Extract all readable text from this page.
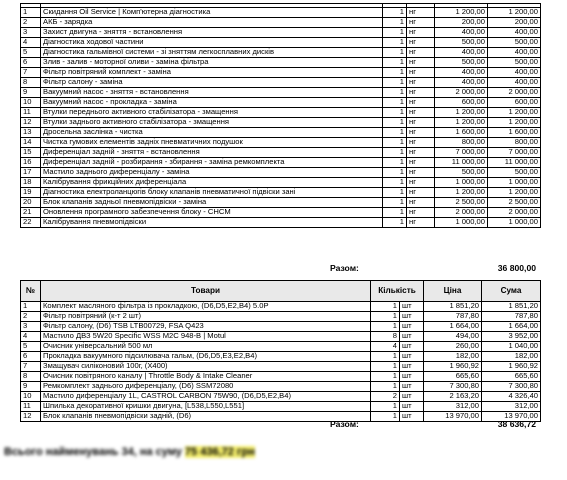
1	Скидання Oil Service | Комп'ютерна діагностика	1	нг	1 200,00	1 200,00
2	АКБ - зарядка	1	нг	200,00	200,00
3	Захист двигуна - зняття - встановлення	1	нг	400,00	400,00
4	Діагностика ходової частини	1	нг	500,00	500,00
5	Діагностика гальмівної системи - зі зняттям легкосплавних дисків	1	нг	400,00	400,00
6	Злив - залив - моторної оливи - заміна фільтра	1	нг	500,00	500,00
7	Фільтр повітряний комплект - заміна	1	нг	400,00	400,00
8	Фільтр салону - заміна	1	нг	400,00	400,00
9	Вакуумний насос - зняття - встановлення	1	нг	2 000,00	2 000,00
10	Вакуумний насос - прокладка - заміна	1	нг	600,00	600,00
11	Втулки переднього активного стабілізатора - змащення	1	нг	1 200,00	1 200,00
12	Втулки заднього активного стабілізатора - змащення	1	нг	1 200,00	1 200,00
13	Дросельна заслінка - чистка	1	нг	1 600,00	1 600,00
14	Чистка гумових елементів задніх пневматичних подушок	1	нг	800,00	800,00
15	Диференціал задній - зняття - встановлення	1	нг	7 000,00	7 000,00
16	Диференціал задній - розбирання - збирання - заміна ремкомплекта	1	нг	11 000,00	11 000,00
17	Мастило заднього диференціалу - заміна	1	нг	500,00	500,00
18	Калібрування фрикційних диференціала	1	нг	1 000,00	1 000,00
19	Діагностика електроланцюгів блоку клапанів пневматичної підвіски зані	1	нг	1 200,00	1 200,00
20	Блок клапанів задньої пневмопідвіски - заміна	1	нг	2 500,00	2 500,00
21	Оновлення програмного забезпечення блоку - CHCM	1	нг	2 000,00	2 000,00
22	Калібрування пневмопідвіски	1	нг	1 000,00	1 000,00
Разом:	36 800,00
№	Товари	Кількість		Ціна	Сума
1	Комплект масляного фільтра із прокладкою, (D6,D5,E2,B4) 5.0P	1	шт	1 851,20	1 851,20
2	Фільтр повітряний (к-т 2 шт)	1	шт	787,80	787,80
3	Фільтр салону, (D6) TSB LTB00729, FSA Q423	1	шт	1 664,00	1 664,00
4	Мастило ДВЗ 5W20 Specific WSS M2C 948-B | Motul	8	шт	494,00	3 952,00
5	Очисник універсальний 500 мл	4	шт	260,00	1 040,00
6	Прокладка вакуумного підсилювача гальм, (D6,D5,E3,E2,B4)	1	шт	182,00	182,00
7	Змащувач силіконовий 100г, (X400)	1	шт	1 960,92	1 960,92
8	Очисник повітряного каналу | Throttle Body & Intake Cleaner	1	шт	665,60	665,60
9	Ремкомплект заднього диференціалу, (D6) SSM72080	1	шт	7 300,80	7 300,80
10	Мастило диференціалу 1L, CASTROL CARBON 75W90, (D6,D5,E2,B4)	2	шт	2 163,20	4 326,40
11	Шпилька декоративної кришки двигуна, [L538,L550,L551]	1	шт	312,00	312,00
12	Блок клапанів пневмопідвіски задній, (D6)	1	шт	13 970,00	13 970,00
Разом:	38 636,72
Всього найменувань 34, на суму 75 436,72 грн
